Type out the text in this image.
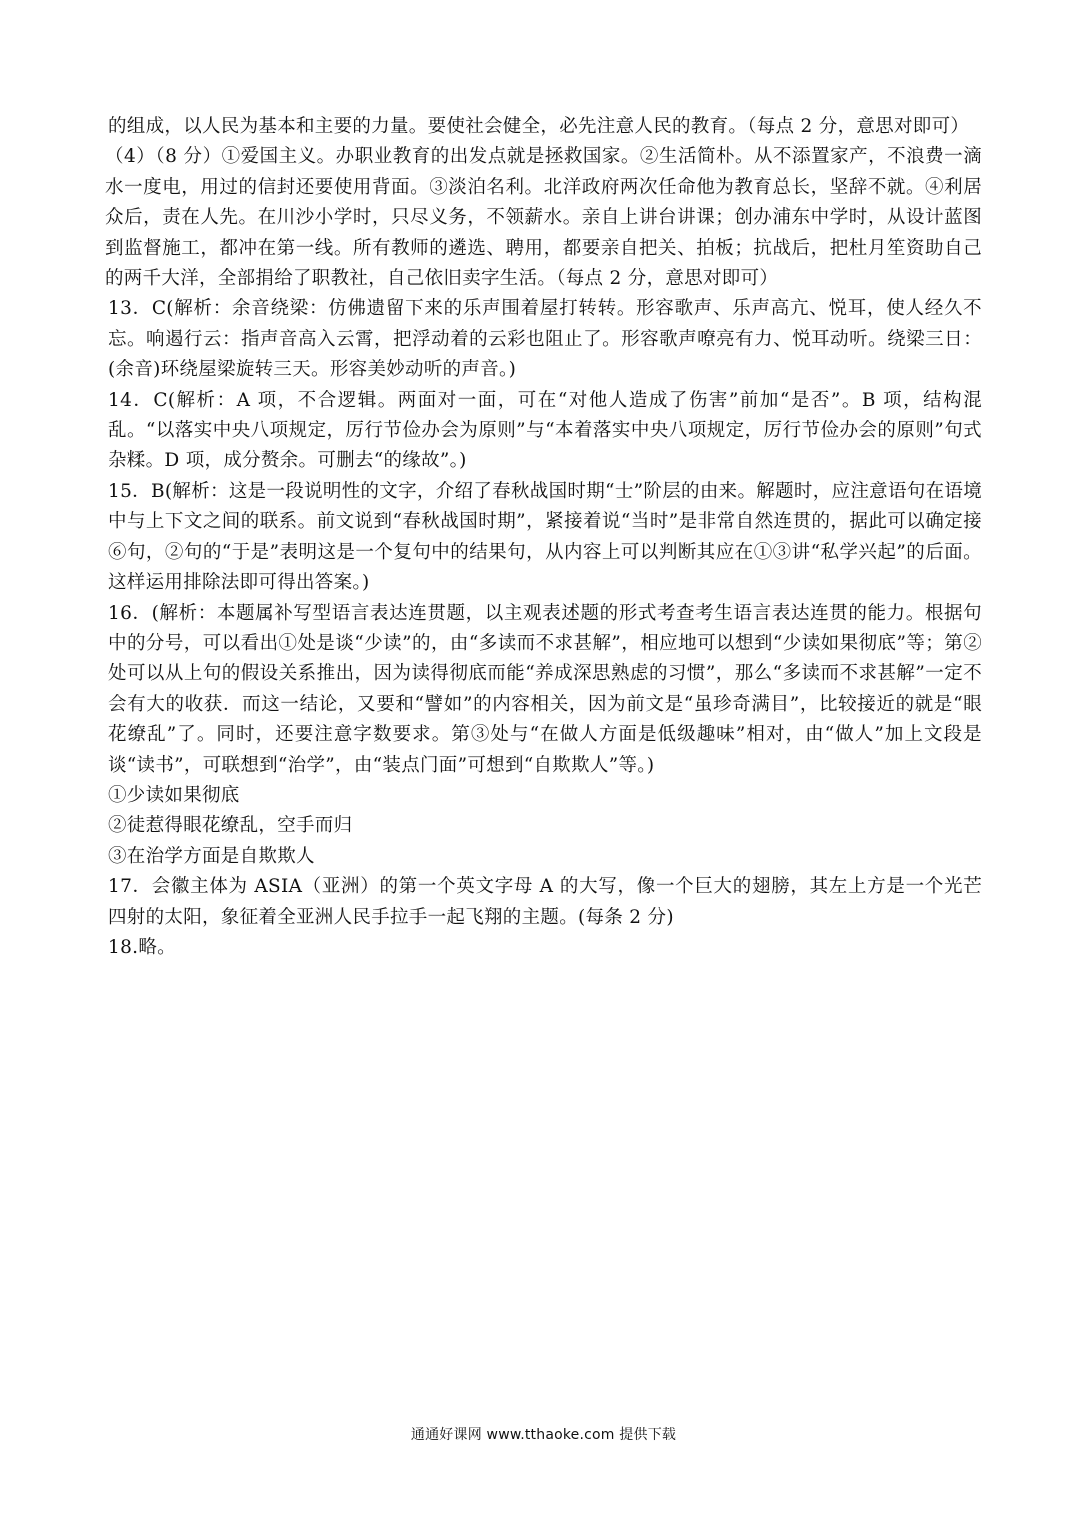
的组成，以人民为基本和主要的力量。要使社会健全，必先注意人民的教育。（每点 2 分，意思对即可）

（4）（8 分）①爱国主义。办职业教育的出发点就是拯救国家。②生活简朴。从不添置家产，不浪费一滴水一度电，用过的信封还要使用背面。③淡泊名利。北洋政府两次任命他为教育总长，坚辞不就。④利居众后，责在人先。在川沙小学时，只尽义务，不领薪水。亲自上讲台讲课；创办浦东中学时，从设计蓝图到监督施工，都冲在第一线。所有教师的遴选、聘用，都要亲自把关、拍板；抗战后，把杜月笙资助自己的两千大洋，全部捐给了职教社，自己依旧卖字生活。（每点 2 分，意思对即可）

13．C(解析：余音绕梁：仿佛遗留下来的乐声围着屋打转转。形容歌声、乐声高亢、悦耳，使人经久不忘。响遏行云：指声音高入云霄，把浮动着的云彩也阻止了。形容歌声嘹亮有力、悦耳动听。绕梁三日：(余音)环绕屋梁旋转三天。形容美妙动听的声音。)

14．C(解析：A 项，不合逻辑。两面对一面，可在“对他人造成了伤害”前加“是否”。B 项，结构混乱。“以落实中央八项规定，厉行节俭办会为原则”与“本着落实中央八项规定，厉行节俭办会的原则”句式杂糅。D 项，成分赘余。可删去“的缘故”。)

15．B(解析：这是一段说明性的文字，介绍了春秋战国时期“士”阶层的由来。解题时，应注意语句在语境中与上下文之间的联系。前文说到“春秋战国时期”，紧接着说“当时”是非常自然连贯的，据此可以确定接⑥句，②句的“于是”表明这是一个复句中的结果句，从内容上可以判断其应在①③讲“私学兴起”的后面。这样运用排除法即可得出答案。)

16．(解析：本题属补写型语言表达连贯题，以主观表述题的形式考查考生语言表达连贯的能力。根据句中的分号，可以看出①处是谈“少读”的，由“多读而不求甚解”，相应地可以想到“少读如果彻底”等；第②处可以从上句的假设关系推出，因为读得彻底而能“养成深思熟虑的习惯”，那么“多读而不求甚解”一定不会有大的收获．而这一结论，又要和“譬如”的内容相关，因为前文是“虽珍奇满目”，比较接近的就是“眼花缭乱”了。同时，还要注意字数要求。第③处与“在做人方面是低级趣味”相对，由“做人”加上文段是谈“读书”，可联想到“治学”，由“装点门面”可想到“自欺欺人”等。)

①少读如果彻底

②徒惹得眼花缭乱，空手而归

③在治学方面是自欺欺人

17．会徽主体为 ASIA（亚洲）的第一个英文字母 A 的大写，像一个巨大的翅膀，其左上方是一个光芒四射的太阳，象征着全亚洲人民手拉手一起飞翔的主题。(每条 2 分)

18.略。

通通好课网 www.tthaoke.com 提供下载
